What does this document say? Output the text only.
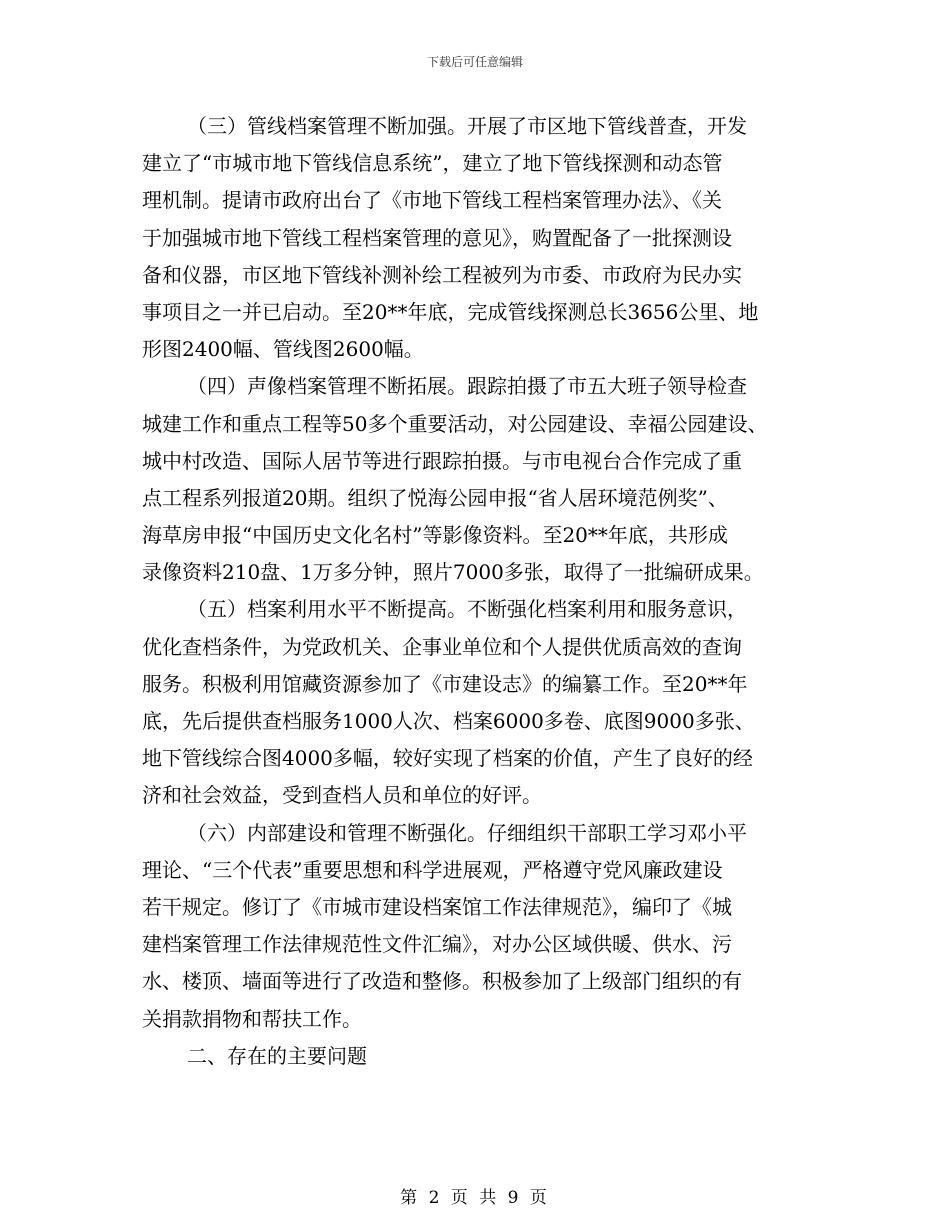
下载后可任意编辑
（三）管线档案管理不断加强。开展了市区地下管线普查，开发
建立了“市城市地下管线信息系统”，建立了地下管线探测和动态管
理机制。提请市政府出台了《市地下管线工程档案管理办法》、《关
于加强城市地下管线工程档案管理的意见》，购置配备了一批探测设
备和仪器，市区地下管线补测补绘工程被列为市委、市政府为民办实
事项目之一并已启动。至20**年底，完成管线探测总长3656公里、地
形图2400幅、管线图2600幅。
（四）声像档案管理不断拓展。跟踪拍摄了市五大班子领导检查
城建工作和重点工程等50多个重要活动，对公园建设、幸福公园建设、
城中村改造、国际人居节等进行跟踪拍摄。与市电视台合作完成了重
点工程系列报道20期。组织了悦海公园申报“省人居环境范例奖”、
海草房申报“中国历史文化名村”等影像资料。至20**年底，共形成
录像资料210盘、1万多分钟，照片7000多张，取得了一批编研成果。
（五）档案利用水平不断提高。不断强化档案利用和服务意识，
优化查档条件，为党政机关、企事业单位和个人提供优质高效的查询
服务。积极利用馆藏资源参加了《市建设志》的编纂工作。至20**年
底，先后提供查档服务1000人次、档案6000多卷、底图9000多张、
地下管线综合图4000多幅，较好实现了档案的价值，产生了良好的经
济和社会效益，受到查档人员和单位的好评。
（六）内部建设和管理不断强化。仔细组织干部职工学习邓小平
理论、“三个代表”重要思想和科学进展观，严格遵守党风廉政建设
若干规定。修订了《市城市建设档案馆工作法律规范》，编印了《城
建档案管理工作法律规范性文件汇编》，对办公区域供暖、供水、污
水、楼顶、墙面等进行了改造和整修。积极参加了上级部门组织的有
关捐款捐物和帮扶工作。
二、存在的主要问题
第 2 页 共 9 页
